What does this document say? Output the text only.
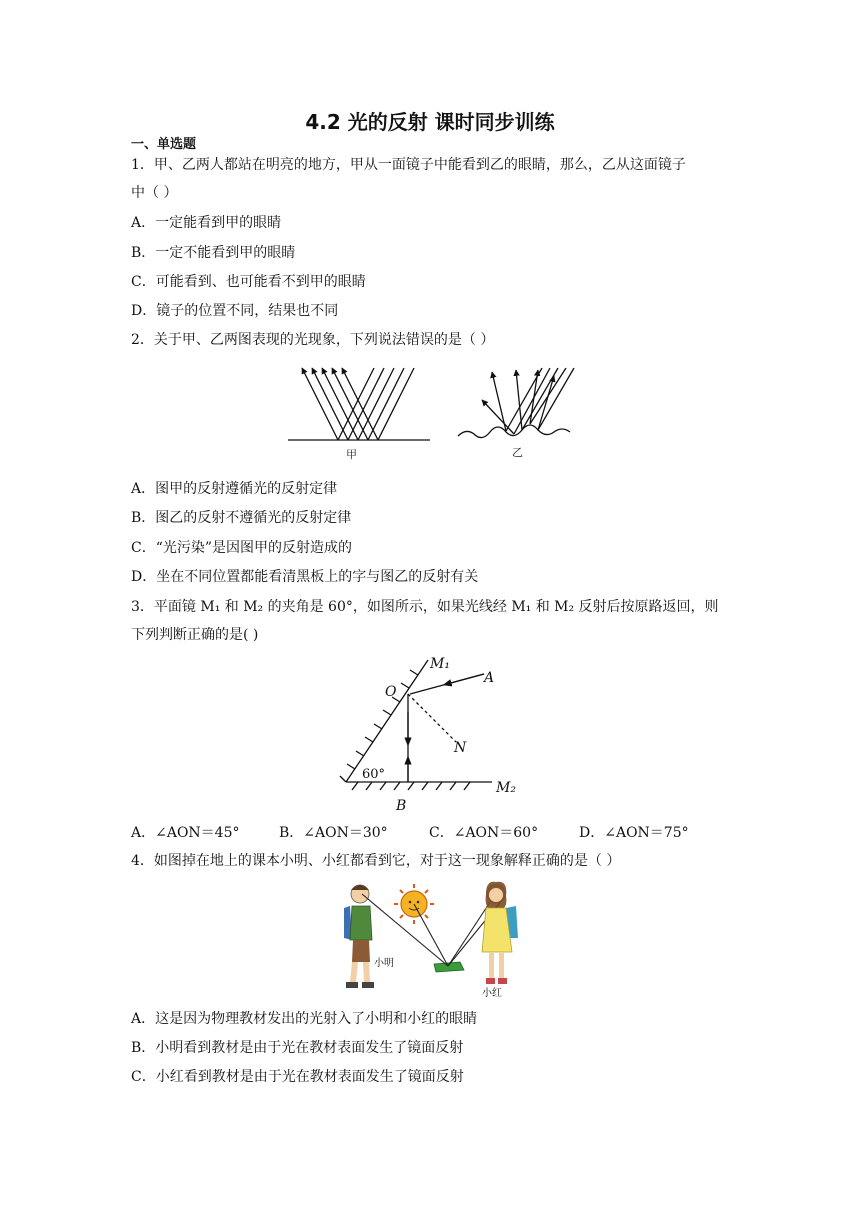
4.2 光的反射 课时同步训练
一、单选题
1．甲、乙两人都站在明亮的地方，甲从一面镜子中能看到乙的眼睛，那么，乙从这面镜子
中（ ）
A．一定能看到甲的眼睛
B．一定不能看到甲的眼睛
C．可能看到、也可能看不到甲的眼睛
D．镜子的位置不同，结果也不同
2．关于甲、乙两图表现的光现象，下列说法错误的是（ ）
甲	乙
A．图甲的反射遵循光的反射定律
B．图乙的反射不遵循光的反射定律
C．“光污染”是因图甲的反射造成的
D．坐在不同位置都能看清黑板上的字与图乙的反射有关
3．平面镜 M₁ 和 M₂ 的夹角是 60°，如图所示，如果光线经 M₁ 和 M₂ 反射后按原路返回，则
下列判断正确的是( )
M₁
A
O
N
60°
M₂
B
A．∠AON＝45°	B．∠AON＝30°	C．∠AON＝60°	D．∠AON＝75°
4．如图掉在地上的课本小明、小红都看到它，对于这一现象解释正确的是（ ）
小明
小红
A．这是因为物理教材发出的光射入了小明和小红的眼睛
B．小明看到教材是由于光在教材表面发生了镜面反射
C．小红看到教材是由于光在教材表面发生了镜面反射
